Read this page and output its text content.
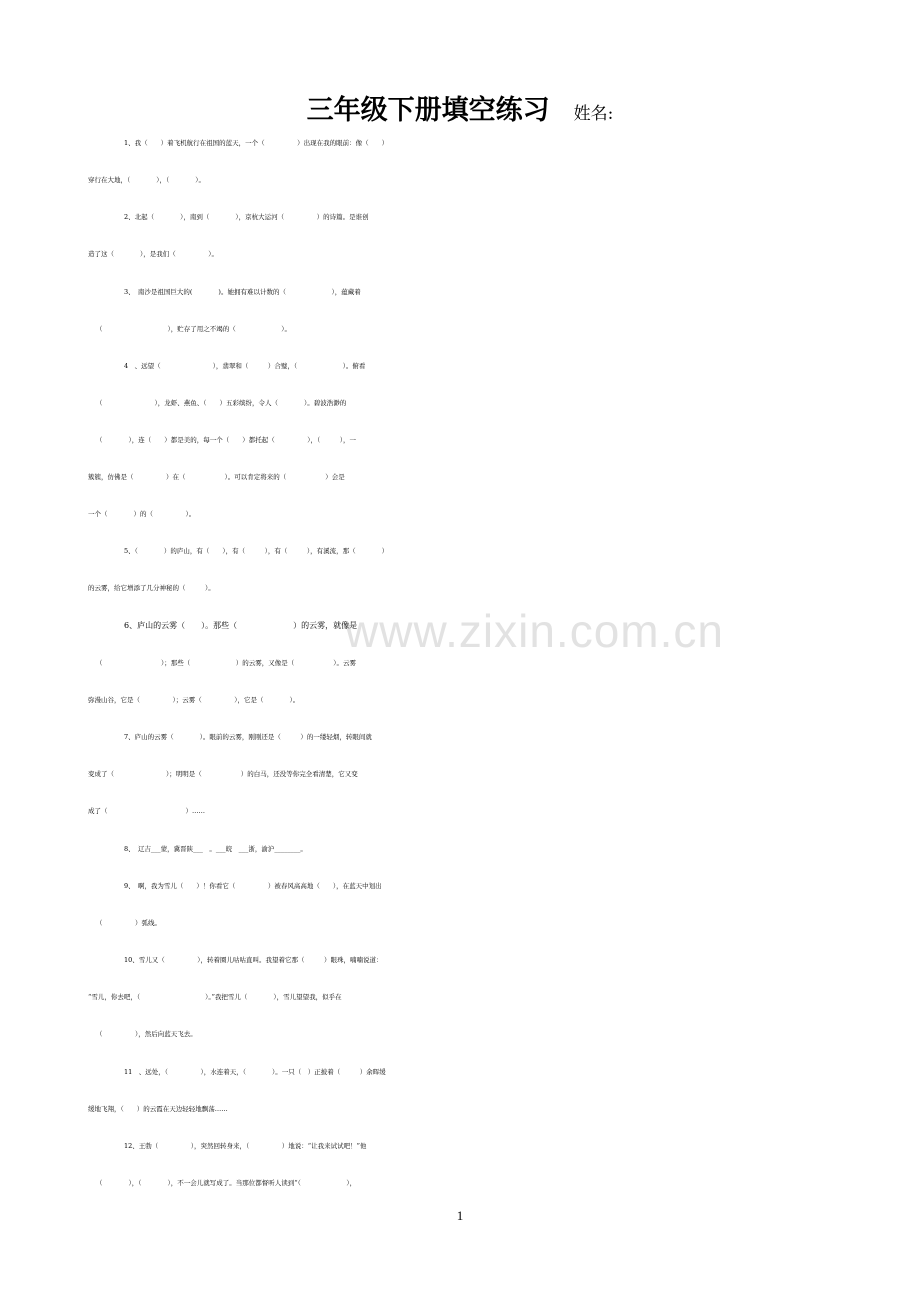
三年级下册填空练习 姓名:
www.zixin.com.cn
1、我（　　）着飞机航行在祖国的蓝天，一个（　　　　　）出现在我的眼前：像（　　）
穿行在大地，（　　　　），（　　　　）。
2、北起（　　　　），南到（　　　　），京杭大运河（　　　　　）的诗篇。是谁创
造了这（　　　　），是我们（　　　　　）。
3、　南沙是祖国巨大的(　　　　)。她拥有难以计数的（　　　　　　　），蕴藏着
（　　　　　　　　　　），贮存了用之不竭的（　　　　　　　）。
4　、远望（　　　　　　　　），翡翠和（　　　）合璧，（　　　　　　　）。俯看
（　　　　　　　　），龙虾、燕鱼、（　　）五彩缤纷，令人（　　　　）。碧波浩渺的
（　　　　），连（　　）都是美的，每一个（　　）都托起（　　　　　），（　　　），一
簇簇，仿佛是（　　　　　）在（　　　　　　）。可以肯定将来的（　　　　　　）会是
一个（　　　　）的（　　　　　）。
5、（　　　　）的庐山，有（　　），有（　　　），有（　　　），有溪流，那（　　　　）
的云雾，给它增添了几分神秘的（　　　）。
6、庐山的云雾（　　）。那些（　　　　　　　）的云雾，就像是
（　　　　　　　　　）；那些（　　　　　　　）的云雾，又像是（　　　　　　）。云雾
弥漫山谷，它是（　　　　　）；云雾（　　　　　），它是（　　　　）。
7、庐山的云雾（　　　　）。眼前的云雾，刚刚还是（　　　）的一缕轻烟，转眼间就
变成了（　　　　　　　　）；明明是（　　　　　　）的白马，还没等你完全看清楚，它又变
成了（　　　　　　　　　　　　）……
8、　辽吉___蒙，冀晋陕___　。___皖　___浙，渝沪________。
9、　啊，我为雪儿（　　）！你看它（　　　　　）被春风高高地（　　），在蓝天中划出
（　　　　　）弧线。
10、雪儿又（　　　　　），转着圈儿咕咕直叫。我望着它那（　　　）眼珠，喃喃说道：
“雪儿，你去吧，（　　　　　　　　　　）。”我把雪儿（　　　　），雪儿望望我，似乎在
（　　　　　），然后向蓝天飞去。
11　、远处，（　　　　　），水连着天，（　　　　）。一只（　）正披着（　　　）余晖缓
缓地飞翔，（　　）的云霞在天边轻轻地飘荡……
12、王勃（　　　　　），突然回转身来，（　　　　　）地说：“让我来试试吧！”他
（　　　　），（　　　　），不一会儿就写成了。当那位都督听人读到“（　　　　　　　），
1
